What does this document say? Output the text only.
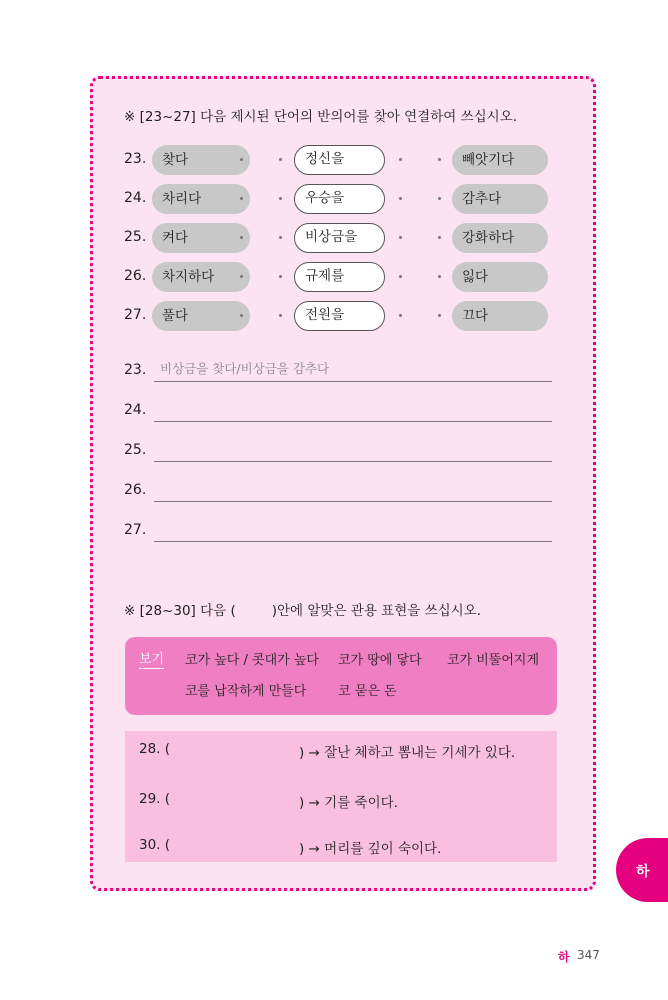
※ [23~27] 다음 제시된 단어의 반의어를 찾아 연결하여 쓰십시오.
23.	찾다	정신을	빼앗기다
24.	차리다	우승을	감추다
25.	켜다	비상금을	강화하다
26.	차지하다	규제를	잃다
27.	풀다	전원을	끄다
23. 비상금을 찾다/비상금을 감추다
24.
25.
26.
27.
※ [28~30] 다음 (	)안에 알맞은 관용 표현을 쓰십시오.
보기 코가 높다 / 콧대가 높다 코가 땅에 닿다 코가 비뚤어지게
코를 납작하게 만들다 코 묻은 돈
28. (	) → 잘난 체하고 뽐내는 기세가 있다.
29. (	) → 기를 죽이다.
30. (	) → 머리를 깊이 숙이다.
하
하 347
